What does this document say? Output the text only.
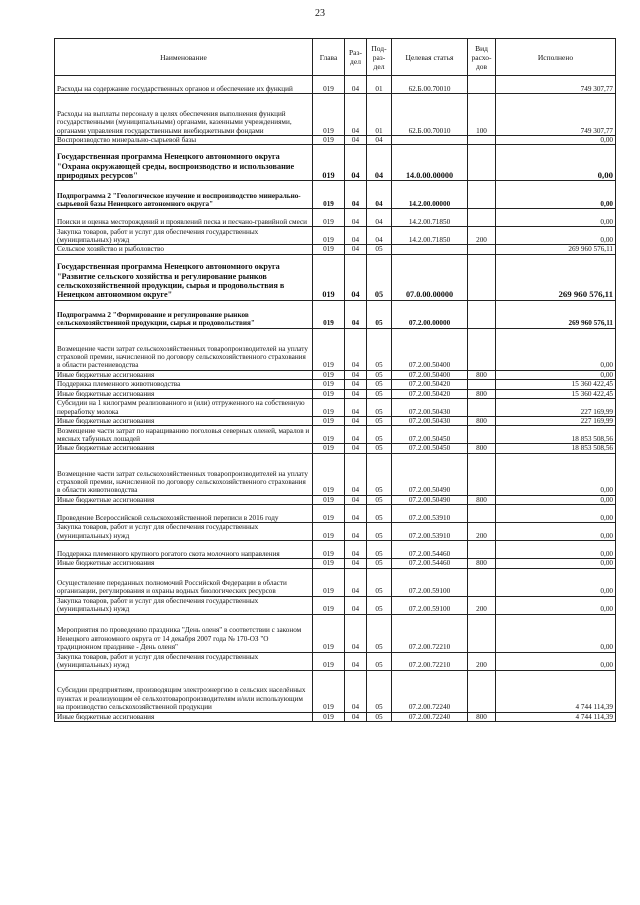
23
Наименование	Глава	Раз-дел	Под-раз-дел	Целевая статья	Вид расхо-дов	Исполнено
Расходы на содержание государственных органов и обеспечение их функций	019	04	01	62.Б.00.70010		749 307,77
Расходы на выплаты персоналу в целях обеспечения выполнения функций государственными (муниципальными) органами, казенными учреждениями, органами управления государственными внебюджетными фондами	019	04	01	62.Б.00.70010	100	749 307,77
Воспроизводство минерально-сырьевой базы	019	04	04			0,00
Государственная программа Ненецкого автономного округа "Охрана окружающей среды, воспроизводство и использование природных ресурсов"	019	04	04	14.0.00.00000		0,00
Подпрограмма 2 "Геологическое изучение и воспроизводство минерально-сырьевой базы Ненецкого автономного округа"	019	04	04	14.2.00.00000		0,00
Поиски и оценка месторождений и проявлений песка и песчано-гравийной смеси	019	04	04	14.2.00.71850		0,00
Закупка товаров, работ и услуг для обеспечения государственных (муниципальных) нужд	019	04	04	14.2.00.71850	200	0,00
Сельское хозяйство и рыболовство	019	04	05			269 960 576,11
Государственная программа Ненецкого автономного округа "Развитие сельского хозяйства и регулирование рынков сельскохозяйственной продукции, сырья и продовольствия в Ненецком автономном округе"	019	04	05	07.0.00.00000		269 960 576,11
Подпрограмма 2 "Формирование и регулирование рынков сельскохозяйственной продукции, сырья и продовольствия"	019	04	05	07.2.00.00000		269 960 576,11
Возмещение части затрат сельскохозяйственных товаропроизводителей на уплату страховой премии, начисленной по договору сельскохозяйственного страхования в области растениеводства	019	04	05	07.2.00.50400		0,00
Иные бюджетные ассигнования	019	04	05	07.2.00.50400	800	0,00
Поддержка племенного животноводства	019	04	05	07.2.00.50420		15 360 422,45
Иные бюджетные ассигнования	019	04	05	07.2.00.50420	800	15 360 422,45
Субсидии на 1 килограмм реализованного и (или) отгруженного на собственную переработку молока	019	04	05	07.2.00.50430		227 169,99
Иные бюджетные ассигнования	019	04	05	07.2.00.50430	800	227 169,99
Возмещение части затрат по наращиванию поголовья северных оленей, маралов и мясных табунных лошадей	019	04	05	07.2.00.50450		18 853 508,56
Иные бюджетные ассигнования	019	04	05	07.2.00.50450	800	18 853 508,56
Возмещение части затрат сельскохозяйственных товаропроизводителей на уплату страховой премии, начисленной по договору сельскохозяйственного страхования в области животноводства	019	04	05	07.2.00.50490		0,00
Иные бюджетные ассигнования	019	04	05	07.2.00.50490	800	0,00
Проведение Всероссийской сельскохозяйственной переписи в 2016 году	019	04	05	07.2.00.53910		0,00
Закупка товаров, работ и услуг для обеспечения государственных (муниципальных) нужд	019	04	05	07.2.00.53910	200	0,00
Поддержка племенного крупного рогатого скота молочного направления	019	04	05	07.2.00.54460		0,00
Иные бюджетные ассигнования	019	04	05	07.2.00.54460	800	0,00
Осуществление переданных полномочий Российской Федерации в области организации, регулирования и охраны водных биологических ресурсов	019	04	05	07.2.00.59100		0,00
Закупка товаров, работ и услуг для обеспечения государственных (муниципальных) нужд	019	04	05	07.2.00.59100	200	0,00
Мероприятия по проведению праздника "День оленя" в соответствии с законом Ненецкого автономного округа от 14 декабря 2007 года № 170-ОЗ "О традиционном празднике - День оленя"	019	04	05	07.2.00.72210		0,00
Закупка товаров, работ и услуг для обеспечения государственных (муниципальных) нужд	019	04	05	07.2.00.72210	200	0,00
Субсидии предприятиям, производящим электроэнергию в сельских населённых пунктах и реализующим её сельхозтоваропроизводителям и/или использующим на производство сельскохозяйственной продукции	019	04	05	07.2.00.72240		4 744 114,39
Иные бюджетные ассигнования	019	04	05	07.2.00.72240	800	4 744 114,39
